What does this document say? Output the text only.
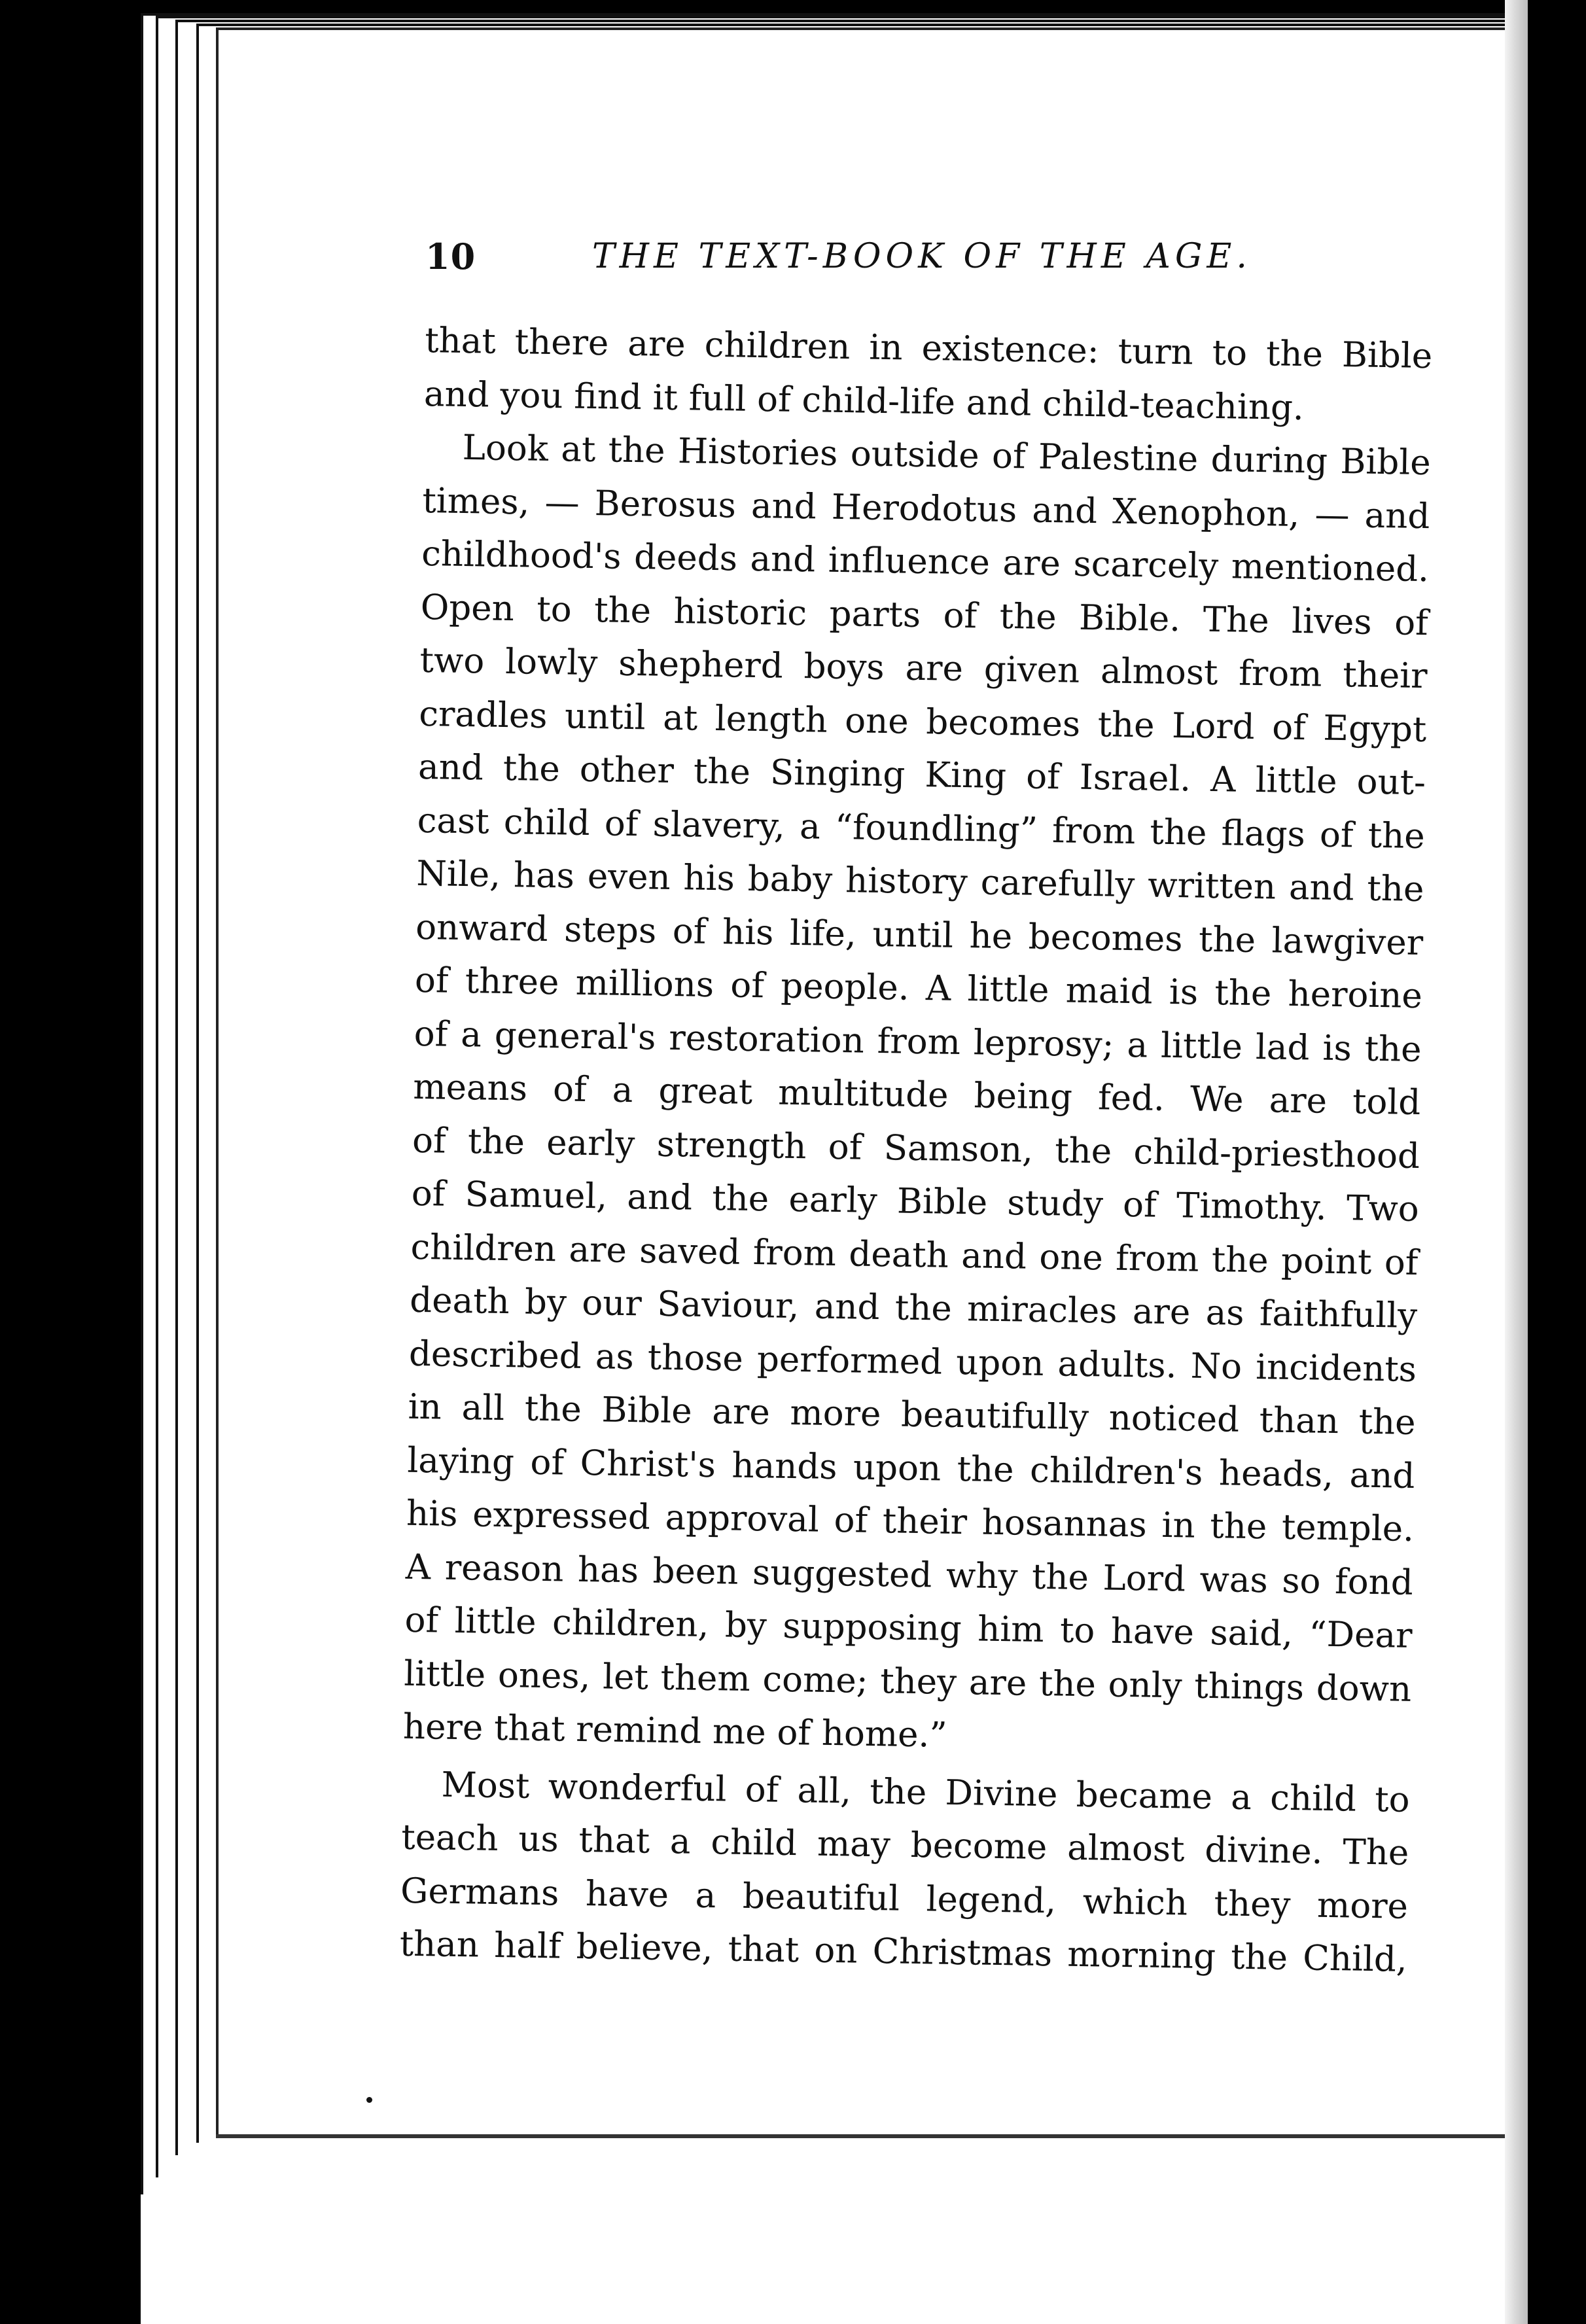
10	THE TEXT-BOOK OF THE AGE.
that there are children in existence: turn to the Bible
and you find it full of child-life and child-teaching.
Look at the Histories outside of Palestine during Bible
times, — Berosus and Herodotus and Xenophon, — and
childhood's deeds and influence are scarcely mentioned.
Open to the historic parts of the Bible. The lives of
two lowly shepherd boys are given almost from their
cradles until at length one becomes the Lord of Egypt
and the other the Singing King of Israel. A little out-
cast child of slavery, a “foundling” from the flags of the
Nile, has even his baby history carefully written and the
onward steps of his life, until he becomes the lawgiver
of three millions of people. A little maid is the heroine
of a general's restoration from leprosy; a little lad is the
means of a great multitude being fed. We are told
of the early strength of Samson, the child-priesthood
of Samuel, and the early Bible study of Timothy. Two
children are saved from death and one from the point of
death by our Saviour, and the miracles are as faithfully
described as those performed upon adults. No incidents
in all the Bible are more beautifully noticed than the
laying of Christ's hands upon the children's heads, and
his expressed approval of their hosannas in the temple.
A reason has been suggested why the Lord was so fond
of little children, by supposing him to have said, “Dear
little ones, let them come; they are the only things down
here that remind me of home.”
Most wonderful of all, the Divine became a child to
teach us that a child may become almost divine. The
Germans have a beautiful legend, which they more
than half believe, that on Christmas morning the Child,
